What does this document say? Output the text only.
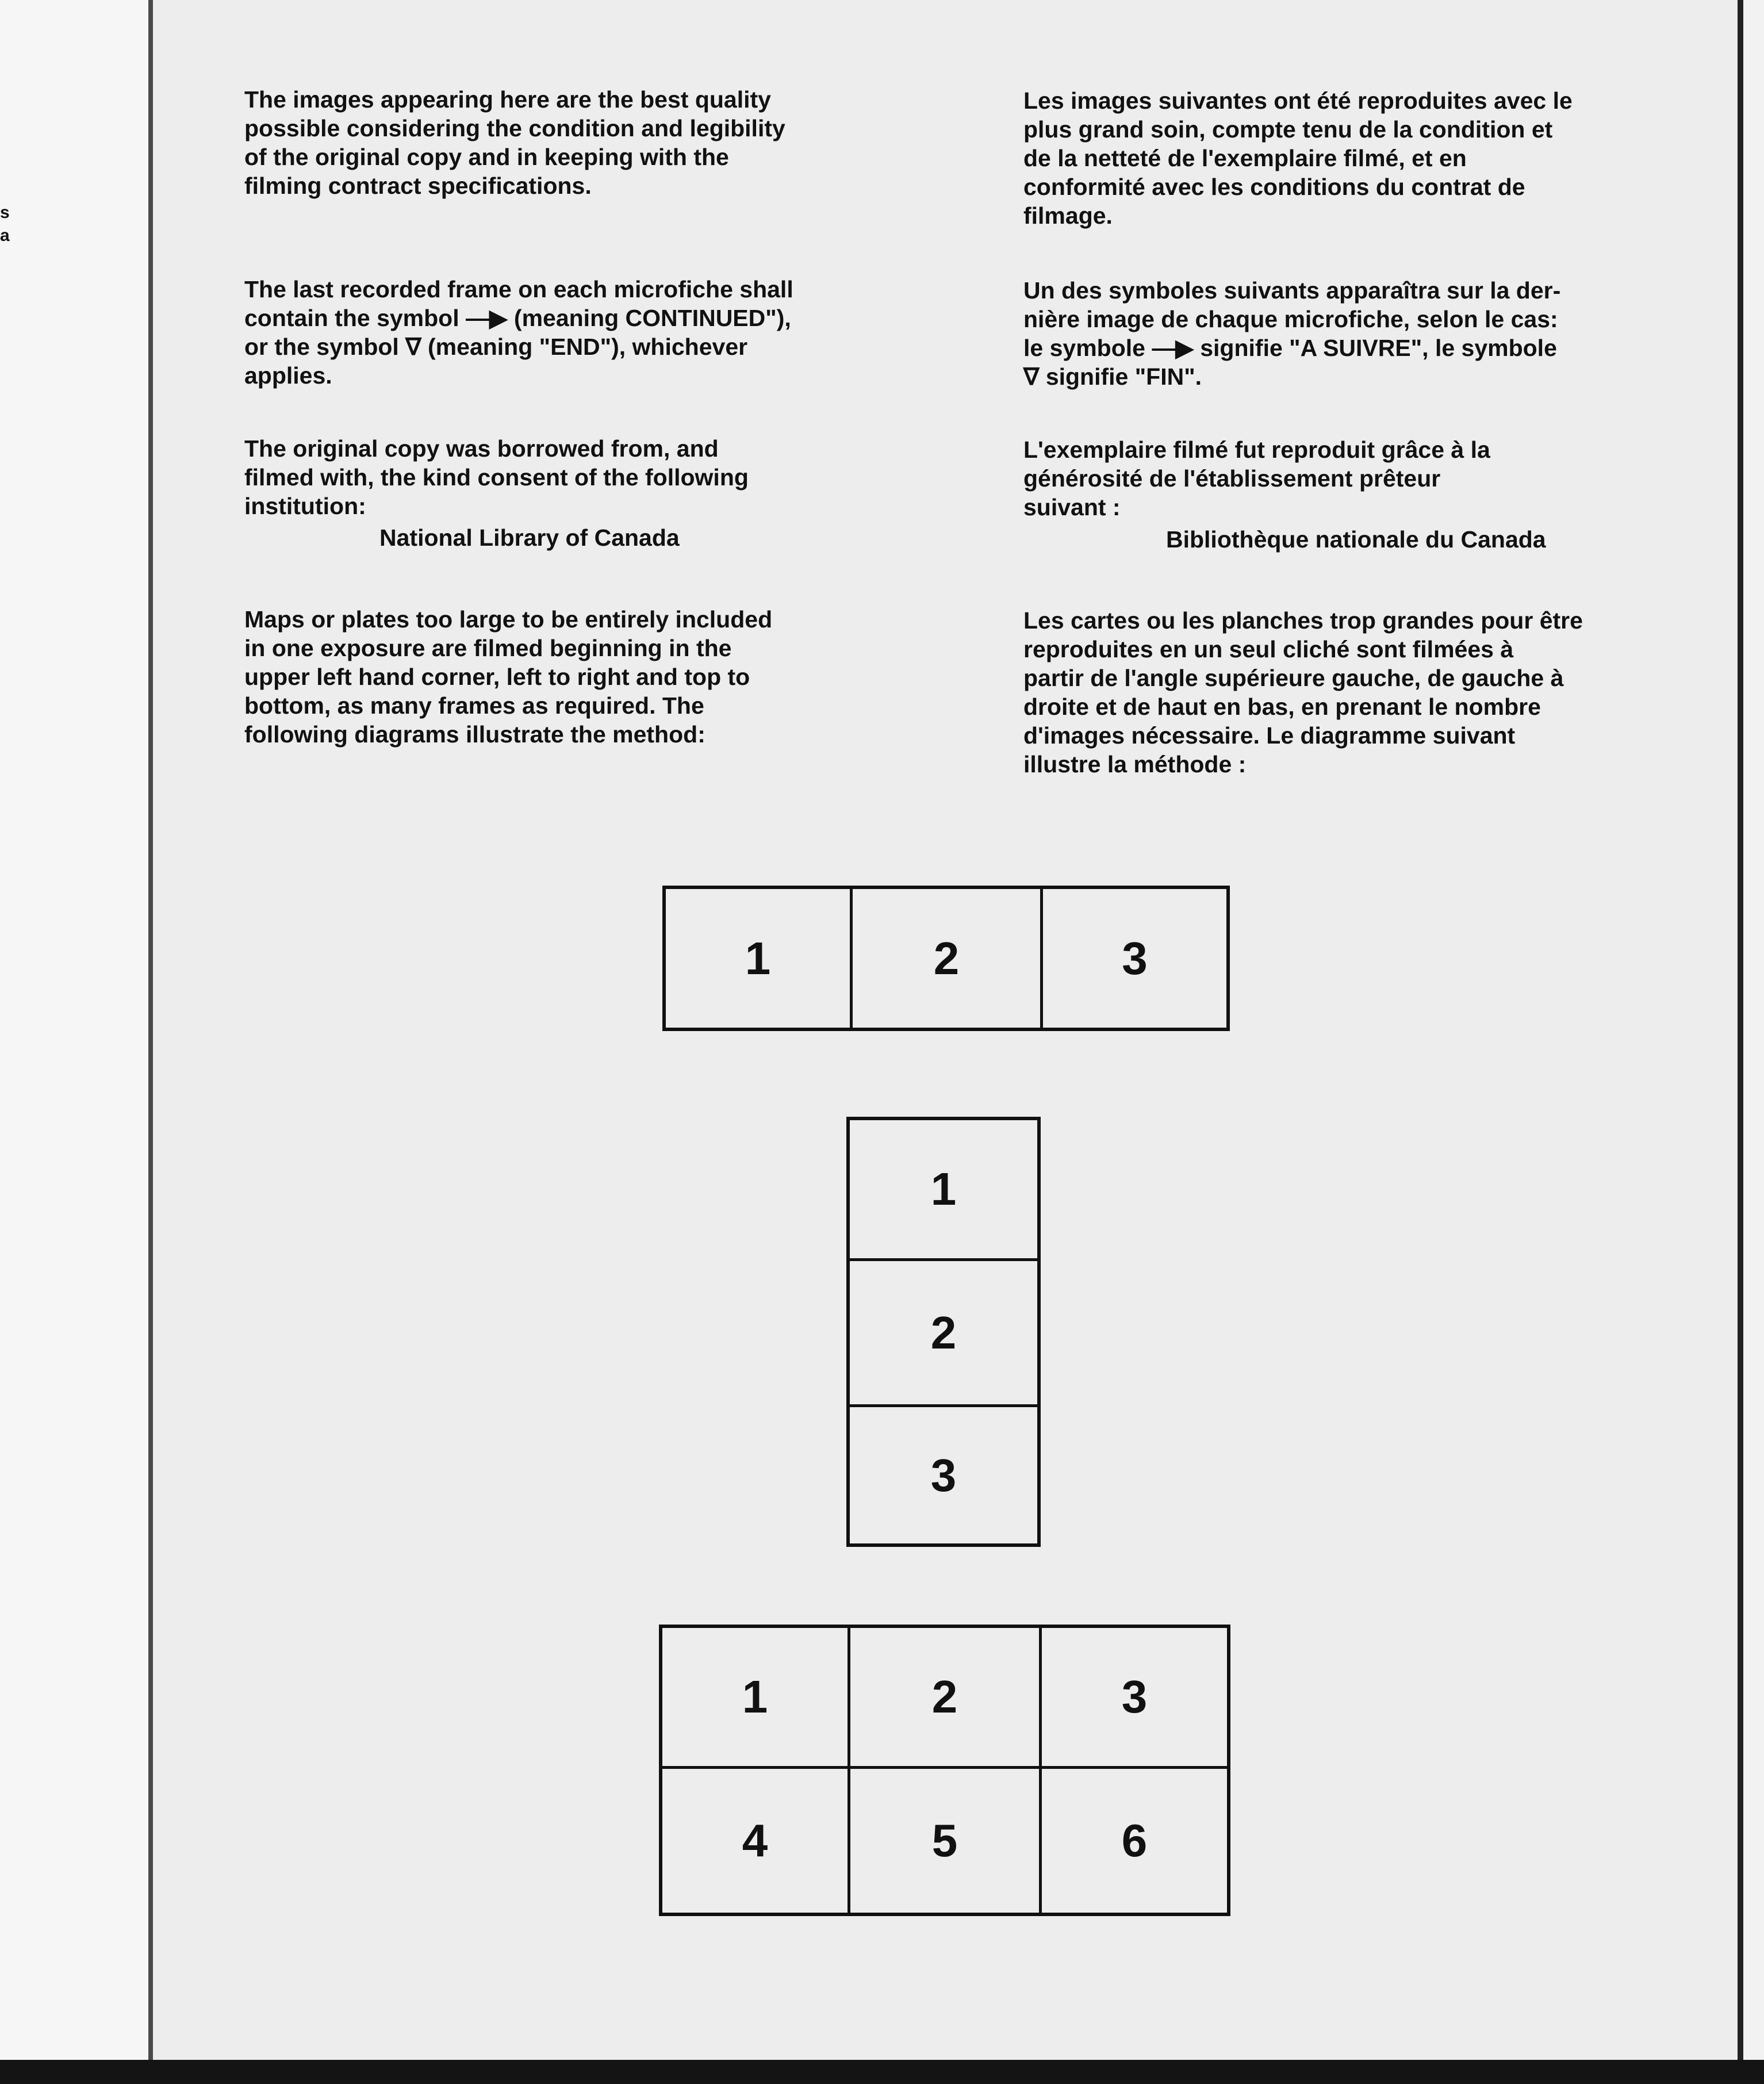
s
a

The images appearing here are the best quality
possible considering the condition and legibility
of the original copy and in keeping with the
filming contract specifications.

The last recorded frame on each microfiche shall
contain the symbol —▶ (meaning CONTINUED"),
or the symbol ∇ (meaning "END"), whichever
applies.

The original copy was borrowed from, and
filmed with, the kind consent of the following
institution:

National Library of Canada

Maps or plates too large to be entirely included
in one exposure are filmed beginning in the
upper left hand corner, left to right and top to
bottom, as many frames as required. The
following diagrams illustrate the method:

Les images suivantes ont été reproduites avec le
plus grand soin, compte tenu de la condition et
de la netteté de l'exemplaire filmé, et en
conformité avec les conditions du contrat de
filmage.

Un des symboles suivants apparaîtra sur la der-
nière image de chaque microfiche, selon le cas:
le symbole —▶ signifie "A SUIVRE", le symbole
∇ signifie "FIN".

L'exemplaire filmé fut reproduit grâce à la
générosité de l'établissement prêteur
suivant :

Bibliothèque nationale du Canada

Les cartes ou les planches trop grandes pour être
reproduites en un seul cliché sont filmées à
partir de l'angle supérieure gauche, de gauche à
droite et de haut en bas, en prenant le nombre
d'images nécessaire. Le diagramme suivant
illustre la méthode :

1	2	3
1
2
3
1	2	3
4	5	6
